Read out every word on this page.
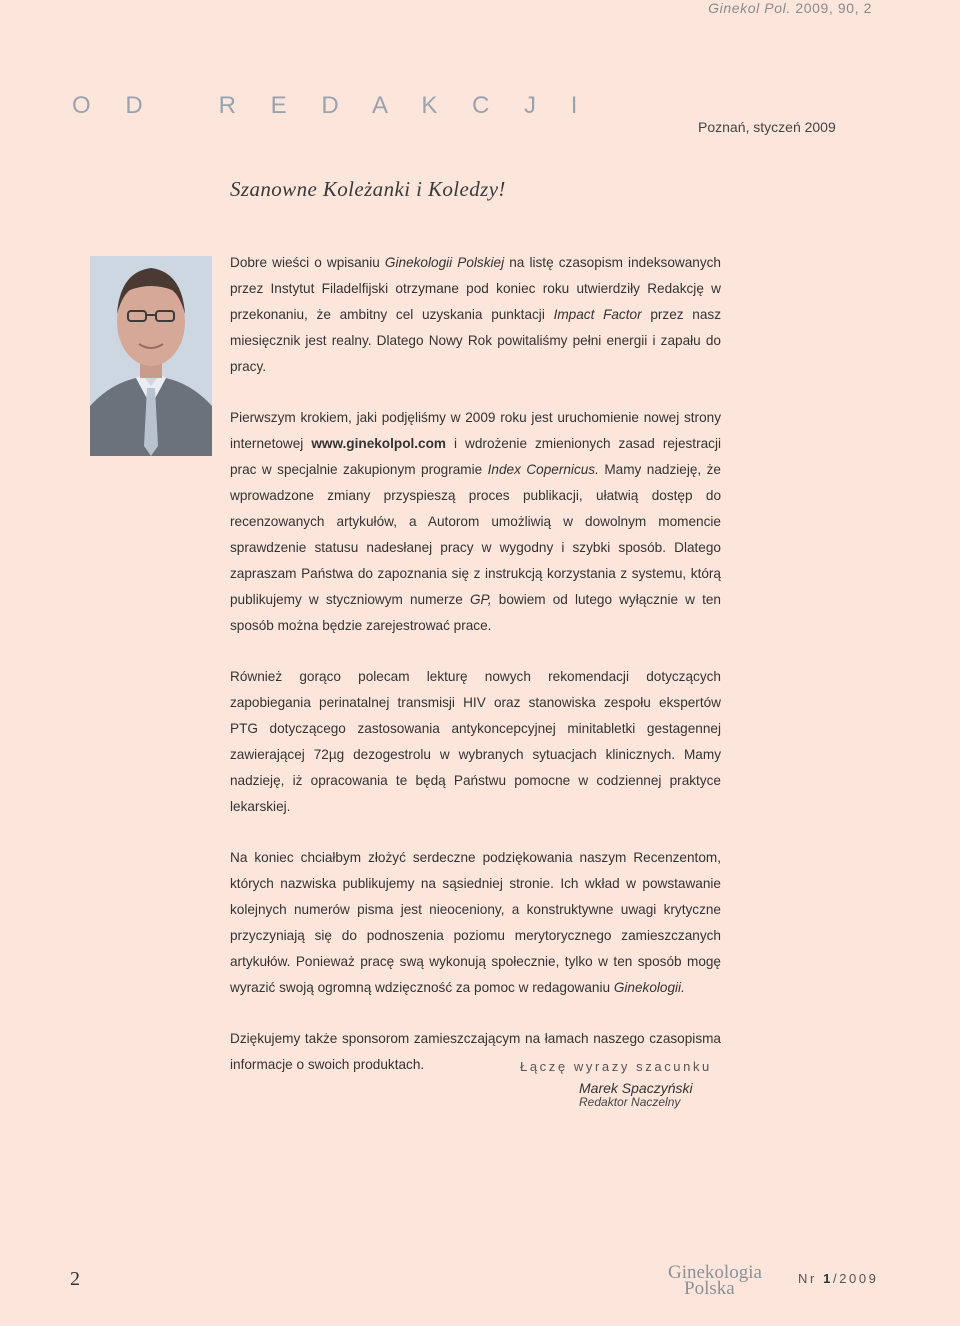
Ginekol Pol. 2009, 90, 2
O D   R E D A K C J I
Poznań, styczeń 2009
Szanowne Koleżanki i Koledzy!

Dobre wieści o wpisaniu Ginekologii Polskiej na listę czasopism indeksowanych przez Instytut Filadelfijski otrzymane pod koniec roku utwierdziły Redakcję w przekonaniu, że ambitny cel uzyskania punktacji Impact Factor przez nasz miesięcznik jest realny. Dlatego Nowy Rok powitaliśmy pełni energii i zapału do pracy.

Pierwszym krokiem, jaki podjęliśmy w 2009 roku jest uruchomienie nowej strony internetowej www.ginekolpol.com i wdrożenie zmienionych zasad rejestracji prac w specjalnie zakupionym programie Index Copernicus. Mamy nadzieję, że wprowadzone zmiany przyspieszą proces publikacji, ułatwią dostęp do recenzowanych artykułów, a Autorom umożliwią w dowolnym momencie sprawdzenie statusu nadesłanej pracy w wygodny i szybki sposób. Dlatego zapraszam Państwa do zapoznania się z instrukcją korzystania z systemu, którą publikujemy w styczniowym numerze GP, bowiem od lutego wyłącznie w ten sposób można będzie zarejestrować prace.

Również gorąco polecam lekturę nowych rekomendacji dotyczących zapobiegania perinatalnej transmisji HIV oraz stanowiska zespołu ekspertów PTG dotyczącego zastosowania antykoncepcyjnej minitabletki gestagennej zawierającej 72µg dezogestrolu w wybranych sytuacjach klinicznych. Mamy nadzieję, iż opracowania te będą Państwu pomocne w codziennej praktyce lekarskiej.

Na koniec chciałbym złożyć serdeczne podziękowania naszym Recenzentom, których nazwiska publikujemy na sąsiedniej stronie. Ich wkład w powstawanie kolejnych numerów pisma jest nieoceniony, a konstruktywne uwagi krytyczne przyczyniają się do podnoszenia poziomu merytorycznego zamieszczanych artykułów. Ponieważ pracę swą wykonują społecznie, tylko w ten sposób mogę wyrazić swoją ogromną wdzięczność za pomoc w redagowaniu Ginekologii.

Dziękujemy także sponsorom zamieszczającym na łamach naszego czasopisma informacje o swoich produktach.	Łączę wyrazy szacunku
Marek Spaczyński
Redaktor Naczelny
2	Ginekologia
Polska	Nr 1/2009
